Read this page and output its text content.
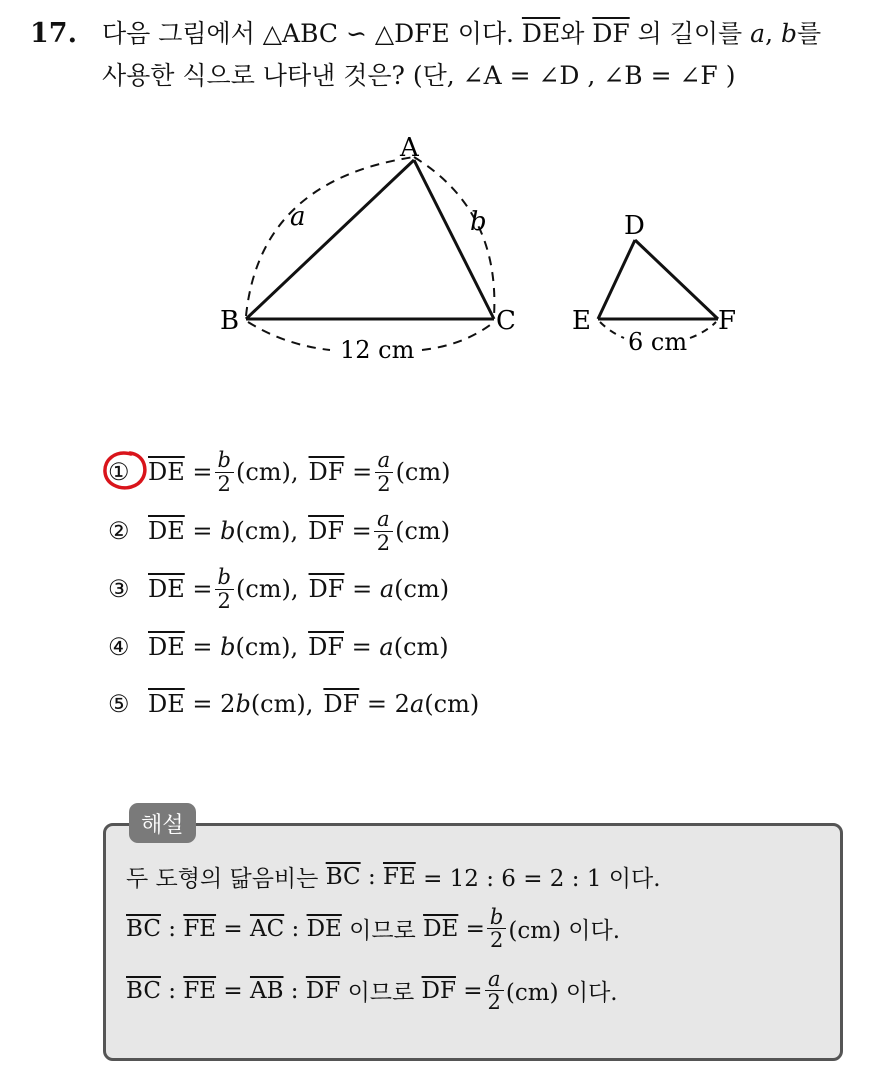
17. 다음 그림에서 △ABC ∽ △DFE 이다. $\overline{DE}$와 $\overline{DF}$ 의 길이를 a, b를
사용한 식으로 나타낸 것은? (단, ∠A = ∠D , ∠B = ∠F )
A
B	C
a	b
12 cm
D
E	F
6 cm
① $\overline{DE}$
= $\frac{b}{2} (cm)$, $\overline{DF}$
= $\frac{a}{2} (cm)$
② $\overline{DE}$
=
b (cm), $\overline{DF}$
= $\frac{a}{2} (cm)$
③ $\overline{DE}$
= $\frac{b}{2} (cm)$, $\overline{DF}$
=
a (cm)
④ $\overline{DE}$
=
b (cm), $\overline{DF}$
=
a (cm)
⑤ $\overline{DE}$
=
2 b (cm), $\overline{DF}$
=
2 a (cm)
해설
두 도형의 닮음비는
$\overline{BC}$
:
$\overline{FE}$
= 12 : 6 = 2 : 1 이다.
$\overline{BC}$
:
$\overline{FE}$
=
$\overline{AC}$
:
$\overline{DE}$
이므로
$\overline{DE}$
= $\frac{b}{2} (cm)$ 이다.
$\overline{BC}$
:
$\overline{FE}$
=
$\overline{AB}$
:
$\overline{DF}$
이므로
$\overline{DF}$
= $\frac{a}{2} (cm)$ 이다.
